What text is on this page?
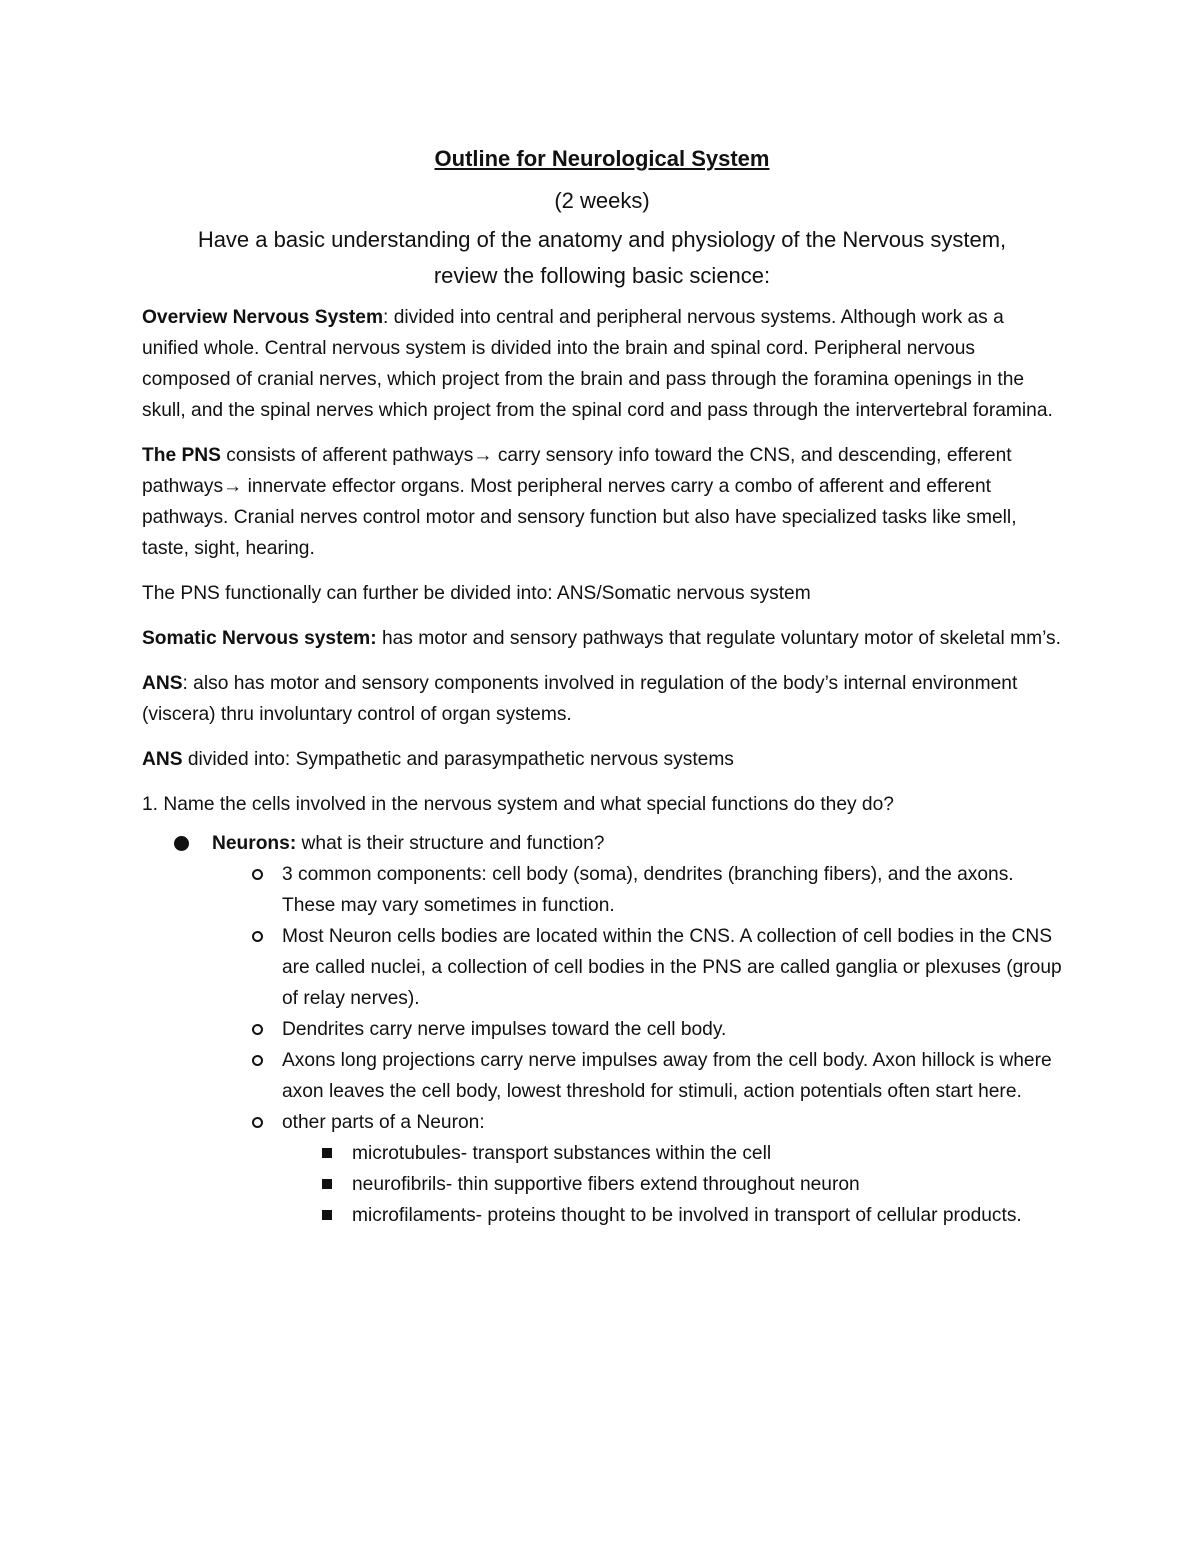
Outline for Neurological System
(2 weeks)
Have a basic understanding of the anatomy and physiology of the Nervous system,
review the following basic science:

Overview Nervous System: divided into central and peripheral nervous systems. Although work as a unified whole. Central nervous system is divided into the brain and spinal cord. Peripheral nervous composed of cranial nerves, which project from the brain and pass through the foramina openings in the skull, and the spinal nerves which project from the spinal cord and pass through the intervertebral foramina.

The PNS consists of afferent pathways→ carry sensory info toward the CNS, and descending, efferent pathways→ innervate effector organs. Most peripheral nerves carry a combo of afferent and efferent pathways. Cranial nerves control motor and sensory function but also have specialized tasks like smell, taste, sight, hearing.

The PNS functionally can further be divided into: ANS/Somatic nervous system

Somatic Nervous system: has motor and sensory pathways that regulate voluntary motor of skeletal mm’s.

ANS: also has motor and sensory components involved in regulation of the body’s internal environment (viscera) thru involuntary control of organ systems.

ANS divided into: Sympathetic and parasympathetic nervous systems

1. Name the cells involved in the nervous system and what special functions do they do?
Neurons: what is their structure and function?
3 common components: cell body (soma), dendrites (branching fibers), and the axons. These may vary sometimes in function.
Most Neuron cells bodies are located within the CNS. A collection of cell bodies in the CNS are called nuclei, a collection of cell bodies in the PNS are called ganglia or plexuses (group of relay nerves).
Dendrites carry nerve impulses toward the cell body.
Axons long projections carry nerve impulses away from the cell body. Axon hillock is where axon leaves the cell body, lowest threshold for stimuli, action potentials often start here.
other parts of a Neuron:
microtubules- transport substances within the cell
neurofibrils- thin supportive fibers extend throughout neuron
microfilaments- proteins thought to be involved in transport of cellular products.
